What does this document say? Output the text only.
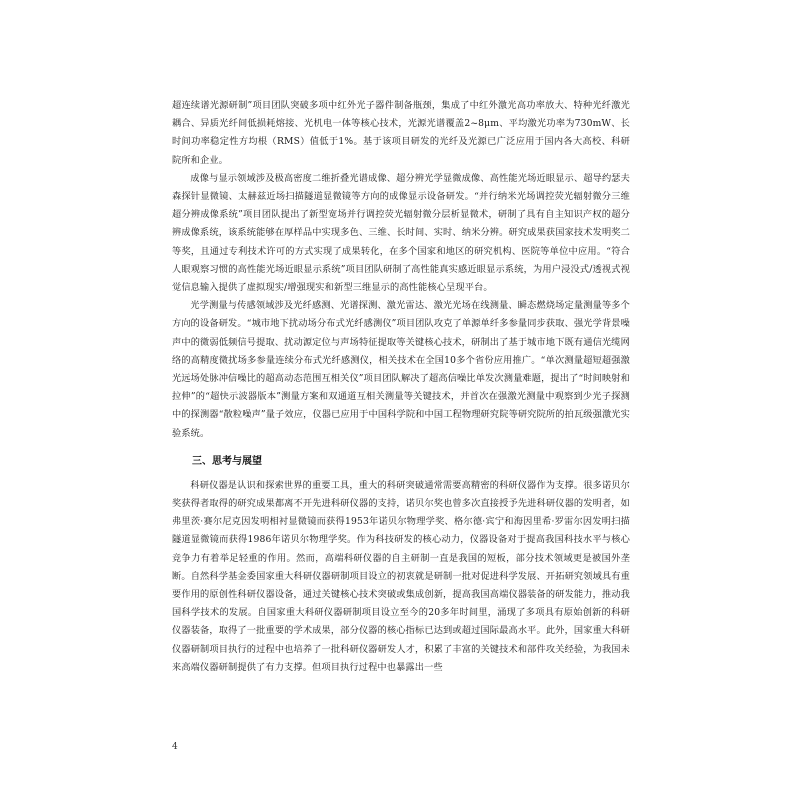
超连续谱光源研制”项目团队突破多项中红外光子器件制备瓶颈，集成了中红外激光高功率放大、特种光纤激光耦合、异质光纤间低损耗熔接、光机电一体等核心技术，光源光谱覆盖2~8μm、平均激光功率为730mW、长时间功率稳定性方均根（RMS）值低于1%。基于该项目研发的光纤及光源已广泛应用于国内各大高校、科研院所和企业。

成像与显示领域涉及极高密度二维折叠光谱成像、超分辨光学显微成像、高性能光场近眼显示、超导约瑟夫森探针显微镜、太赫兹近场扫描隧道显微镜等方向的成像显示设备研发。“并行纳米光场调控荧光辐射微分三维超分辨成像系统”项目团队提出了新型宽场并行调控荧光辐射微分层析显微术，研制了具有自主知识产权的超分辨成像系统，该系统能够在厚样品中实现多色、三维、长时间、实时、纳米分辨。研究成果获国家技术发明奖二等奖，且通过专利技术许可的方式实现了成果转化，在多个国家和地区的研究机构、医院等单位中应用。“符合人眼观察习惯的高性能光场近眼显示系统”项目团队研制了高性能真实感近眼显示系统，为用户浸没式/透视式视觉信息输入提供了虚拟现实/增强现实和新型三维显示的高性能核心呈现平台。

光学测量与传感领域涉及光纤感测、光谱探测、激光雷达、激光光场在线测量、瞬态燃烧场定量测量等多个方向的设备研发。“城市地下扰动场分布式光纤感测仪”项目团队攻克了单源单纤多参量同步获取、强光学背景噪声中的微弱低频信号提取、扰动源定位与声场特征提取等关键核心技术，研制出了基于城市地下既有通信光缆网络的高精度微扰场多参量连续分布式光纤感测仪，相关技术在全国10多个省份应用推广。“单次测量超短超强激光远场处脉冲信噪比的超高动态范围互相关仪”项目团队解决了超高信噪比单发次测量难题，提出了“时间映射和拉伸”的“超快示波器版本”测量方案和双通道互相关测量等关键技术，并首次在强激光测量中观察到少光子探测中的探测器“散粒噪声”量子效应，仪器已应用于中国科学院和中国工程物理研究院等研究院所的拍瓦级强激光实验系统。

三、思考与展望

科研仪器是认识和探索世界的重要工具，重大的科研突破通常需要高精密的科研仪器作为支撑。很多诺贝尔奖获得者取得的研究成果都离不开先进科研仪器的支持，诺贝尔奖也曾多次直接授予先进科研仪器的发明者，如弗里茨·赛尔尼克因发明相衬显微镜而获得1953年诺贝尔物理学奖、格尔德·宾宁和海因里希·罗雷尔因发明扫描隧道显微镜而获得1986年诺贝尔物理学奖。作为科技研发的核心动力，仪器设备对于提高我国科技水平与核心竞争力有着举足轻重的作用。然而，高端科研仪器的自主研制一直是我国的短板，部分技术领域更是被国外垄断。自然科学基金委国家重大科研仪器研制项目设立的初衷就是研制一批对促进科学发展、开拓研究领域具有重要作用的原创性科研仪器设备，通过关键核心技术突破或集成创新，提高我国高端仪器装备的研发能力，推动我国科学技术的发展。自国家重大科研仪器研制项目设立至今的20多年时间里，涌现了多项具有原始创新的科研仪器装备，取得了一批重要的学术成果，部分仪器的核心指标已达到或超过国际最高水平。此外，国家重大科研仪器研制项目执行的过程中也培养了一批科研仪器研发人才，积累了丰富的关键技术和部件攻关经验，为我国未来高端仪器研制提供了有力支撑。但项目执行过程中也暴露出一些

4
